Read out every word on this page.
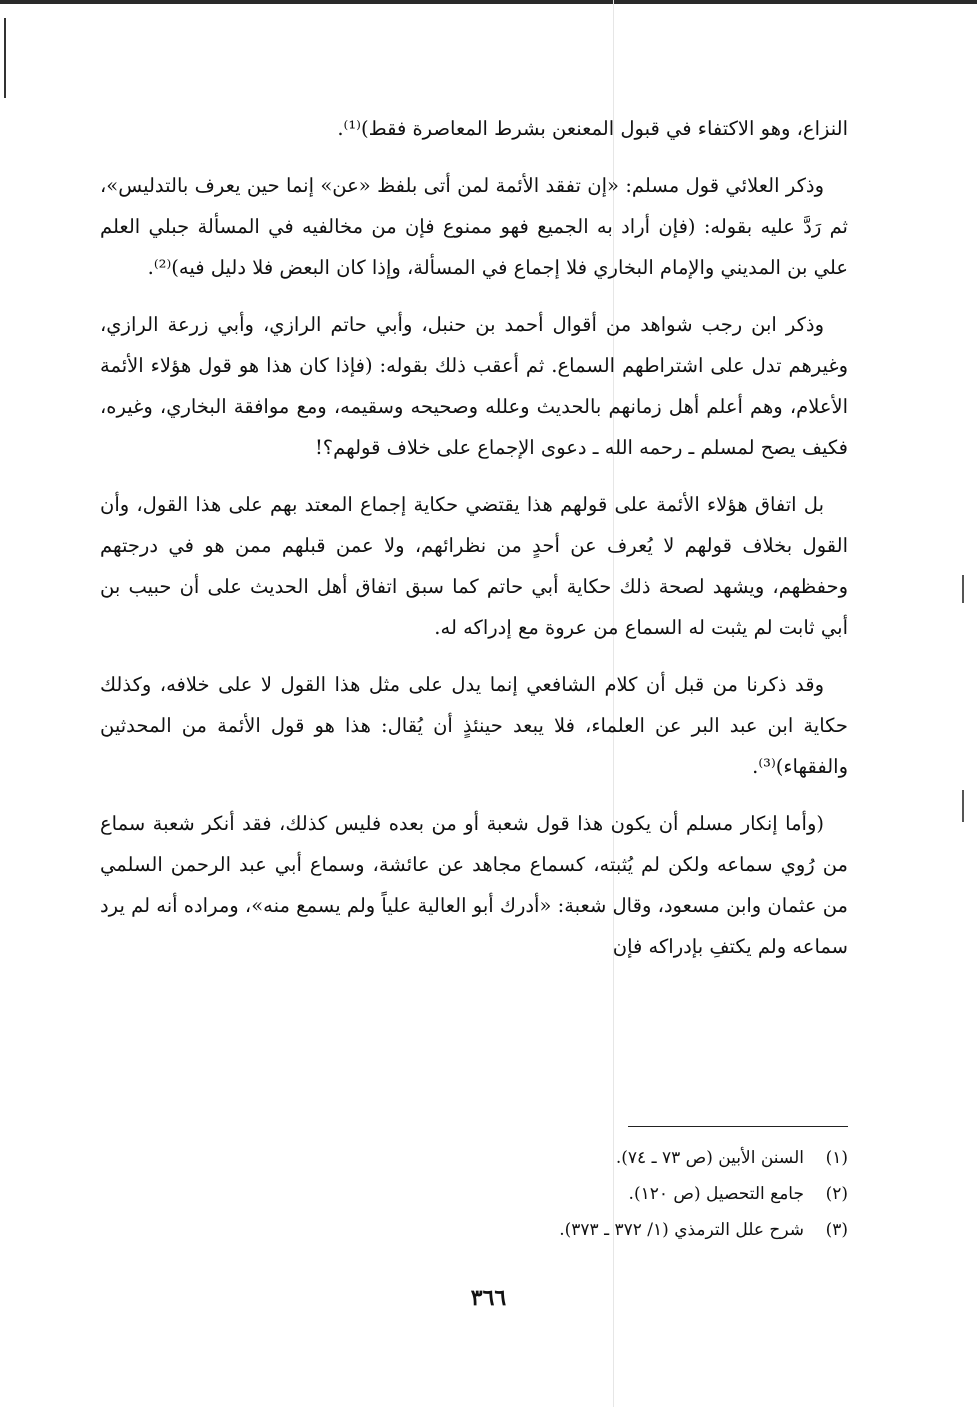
النزاع، وهو الاكتفاء في قبول المعنعن بشرط المعاصرة فقط)⁽¹⁾.

وذكر العلائي قول مسلم: «إن تفقد الأئمة لمن أتى بلفظ «عن» إنما حين يعرف بالتدليس»، ثم رَدَّ عليه بقوله: (فإن أراد به الجميع فهو ممنوع فإن من مخالفيه في المسألة جبلي العلم علي بن المديني والإمام البخاري فلا إجماع في المسألة، وإذا كان البعض فلا دليل فيه)⁽²⁾.

وذكر ابن رجب شواهد من أقوال أحمد بن حنبل، وأبي حاتم الرازي، وأبي زرعة الرازي، وغيرهم تدل على اشتراطهم السماع. ثم أعقب ذلك بقوله: (فإذا كان هذا هو قول هؤلاء الأئمة الأعلام، وهم أعلم أهل زمانهم بالحديث وعلله وصحيحه وسقيمه، ومع موافقة البخاري، وغيره، فكيف يصح لمسلم ـ رحمه الله ـ دعوى الإجماع على خلاف قولهم؟!

بل اتفاق هؤلاء الأئمة على قولهم هذا يقتضي حكاية إجماع المعتد بهم على هذا القول، وأن القول بخلاف قولهم لا يُعرف عن أحدٍ من نظرائهم، ولا عمن قبلهم ممن هو في درجتهم وحفظهم، ويشهد لصحة ذلك حكاية أبي حاتم كما سبق اتفاق أهل الحديث على أن حبيب بن أبي ثابت لم يثبت له السماع من عروة مع إدراكه له.

وقد ذكرنا من قبل أن كلام الشافعي إنما يدل على مثل هذا القول لا على خلافه، وكذلك حكاية ابن عبد البر عن العلماء، فلا يبعد حينئذٍ أن يُقال: هذا هو قول الأئمة من المحدثين والفقهاء)⁽³⁾.

(وأما إنكار مسلم أن يكون هذا قول شعبة أو من بعده فليس كذلك، فقد أنكر شعبة سماع من رُوي سماعه ولكن لم يُثبته، كسماع مجاهد عن عائشة، وسماع أبي عبد الرحمن السلمي من عثمان وابن مسعود، وقال شعبة: «أدرك أبو العالية علياً ولم يسمع منه»، ومراده أنه لم يرد سماعه ولم يكتفِ بإدراكه فإن

(١)
السنن الأبين (ص ٧٣ ـ ٧٤).
(٢)
جامع التحصيل (ص ١٢٠).
(٣)
شرح علل الترمذي (١/ ٣٧٢ ـ ٣٧٣).
٣٦٦
